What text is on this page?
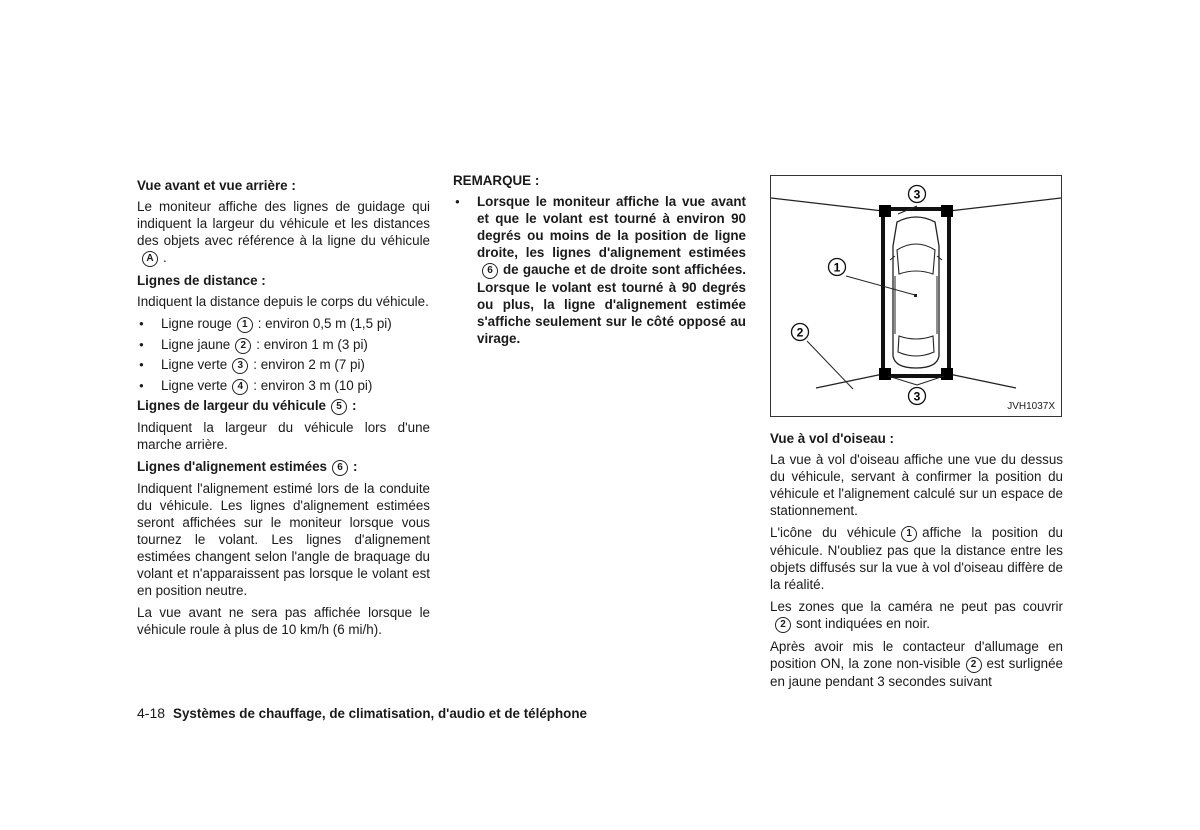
Vue avant et vue arrière :

Le moniteur affiche des lignes de guidage qui indiquent la largeur du véhicule et les distances des objets avec référence à la ligne du véhiculeA .

Lignes de distance :

Indiquent la distance depuis le corps du véhicule.

● Ligne rouge 1 : environ 0,5 m (1,5 pi)
● Ligne jaune 2 : environ 1 m (3 pi)
● Ligne verte 3 : environ 2 m (7 pi)
● Ligne verte 4 : environ 3 m (10 pi)
Lignes de largeur du véhicule 5 :

Indiquent la largeur du véhicule lors d'une marche arrière.

Lignes d'alignement estimées 6 :

Indiquent l'alignement estimé lors de la conduite du véhicule. Les lignes d'alignement estimées seront affichées sur le moniteur lorsque vous tournez le volant. Les lignes d'alignement estimées changent selon l'angle de braquage du volant et n'apparaissent pas lorsque le volant est en position neutre.

La vue avant ne sera pas affichée lorsque le véhicule roule à plus de 10 km/h (6 mi/h).

REMARQUE :
● Lorsque le moniteur affiche la vue avant et que le volant est tourné à environ 90 degrés ou moins de la position de ligne droite, les lignes d'alignement estimées6 de gauche et de droite sont affichées. Lorsque le volant est tourné à 90 degrés ou plus, la ligne d'alignement estimée s'affiche seulement sur le côté opposé au virage.
1
2
3
3
JVH1037X
Vue à vol d'oiseau :

La vue à vol d'oiseau affiche une vue du dessus du véhicule, servant à confirmer la position du véhicule et l'alignement calculé sur un espace de stationnement.

L'icône du véhicule 1 affiche la position du véhicule. N'oubliez pas que la distance entre les objets diffusés sur la vue à vol d'oiseau diffère de la réalité.

Les zones que la caméra ne peut pas couvrir2 sont indiquées en noir.

Après avoir mis le contacteur d'allumage en position ON, la zone non-visible 2 est surlignée en jaune pendant 3 secondes suivant

4-18 Systèmes de chauffage, de climatisation, d'audio et de téléphone
